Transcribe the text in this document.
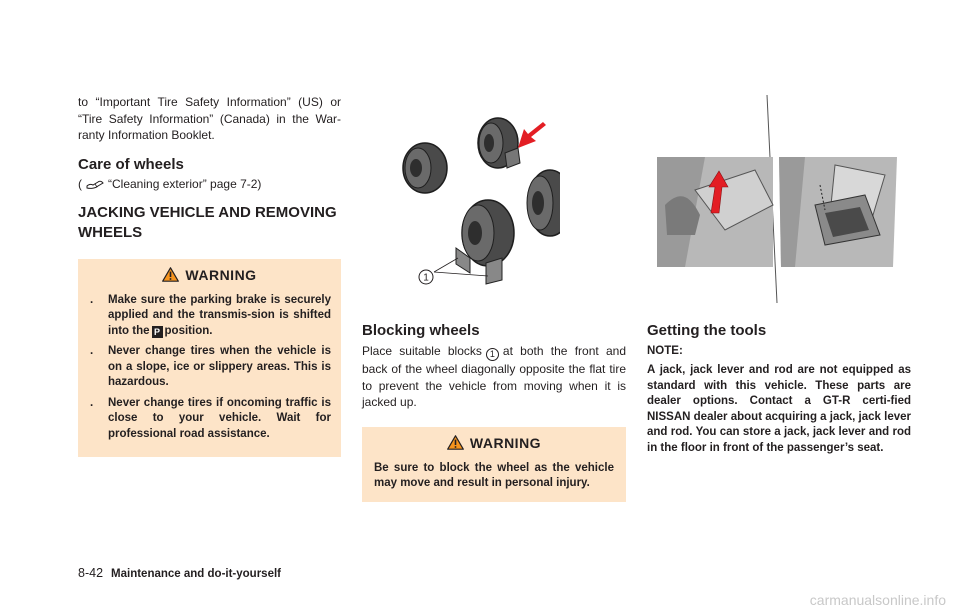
to “Important Tire Safety Information” (US) or “Tire Safety Information” (Canada) in the War-ranty Information Booklet.

Care of wheels

( “Cleaning exterior” page 7-2)

JACKING VEHICLE AND REMOVING WHEELS
WARNING
.	Make sure the parking brake is securely applied and the transmis-sion is shifted into the P position.
.	Never change tires when the vehicle is on a slope, ice or slippery areas. This is hazardous.
.	Never change tires if oncoming traffic is close to your vehicle. Wait for professional road assistance.
1
Blocking wheels

Place suitable blocks 1 at both the front and back of the wheel diagonally opposite the flat tire to prevent the vehicle from moving when it is jacked up.

WARNING

Be sure to block the wheel as the vehicle may move and result in personal injury.

Getting the tools
NOTE:

A jack, jack lever and rod are not equipped as standard with this vehicle. These parts are dealer options. Contact a GT-R certi-fied NISSAN dealer about acquiring a jack, jack lever and rod. You can store a jack, jack lever and rod in the floor in front of the passenger’s seat.

8-42 Maintenance and do-it-yourself
carmanualsonline.info
